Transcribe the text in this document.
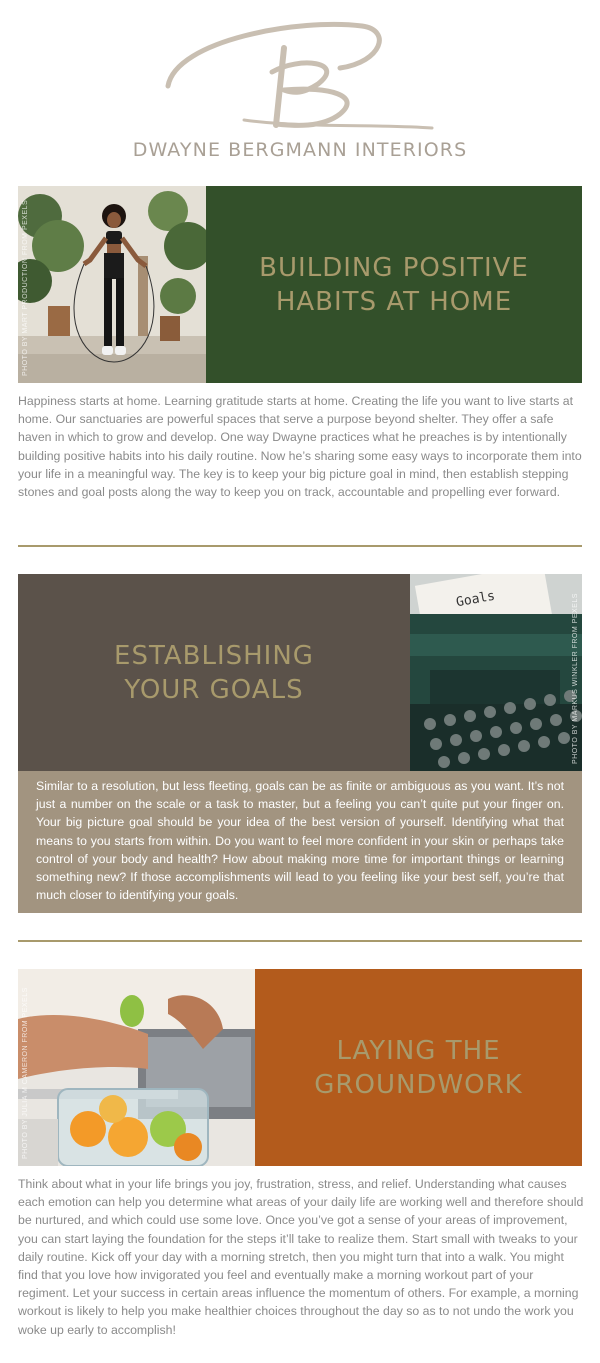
DWAYNE BERGMANN INTERIORS
PHOTO BY MART PRODUCTION FROM PEXELS	BUILDING POSITIVE
HABITS AT HOME
Happiness starts at home. Learning gratitude starts at home. Creating the life you want to live starts at home. Our sanctuaries are powerful spaces that serve a purpose beyond shelter. They offer a safe haven in which to grow and develop. One way Dwayne practices what he preaches is by intentionally building positive habits into his daily routine. Now he’s sharing some easy ways to incorporate them into your life in a meaningful way. The key is to keep your big picture goal in mind, then establish stepping stones and goal posts along the way to keep you on track, accountable and propelling ever forward.
ESTABLISHING
YOUR GOALS
Goals	PHOTO BY MARKUS WINKLER FROM PEXELS
Similar to a resolution, but less fleeting, goals can be as finite or ambiguous as you want. It’s not just a number on the scale or a task to master, but a feeling you can’t quite put your finger on. Your big picture goal should be your idea of the best version of yourself. Identifying what that means to you starts from within. Do you want to feel more confident in your skin or perhaps take control of your body and health? How about making more time for important things or learning something new? If those accomplishments will lead to you feeling like your best self, you’re that much closer to identifying your goals.
PHOTO BY JULIA M CAMERON FROM PEXELS	LAYING THE
GROUNDWORK
Think about what in your life brings you joy, frustration, stress, and relief. Understanding what causes each emotion can help you determine what areas of your daily life are working well and therefore should be nurtured, and which could use some love. Once you’ve got a sense of your areas of improvement, you can start laying the foundation for the steps it’ll take to realize them. Start small with tweaks to your daily routine. Kick off your day with a morning stretch, then you might turn that into a walk. You might find that you love how invigorated you feel and eventually make a morning workout part of your regiment. Let your success in certain areas influence the momentum of others. For example, a morning workout is likely to help you make healthier choices throughout the day so as to not undo the work you woke up early to accomplish!
